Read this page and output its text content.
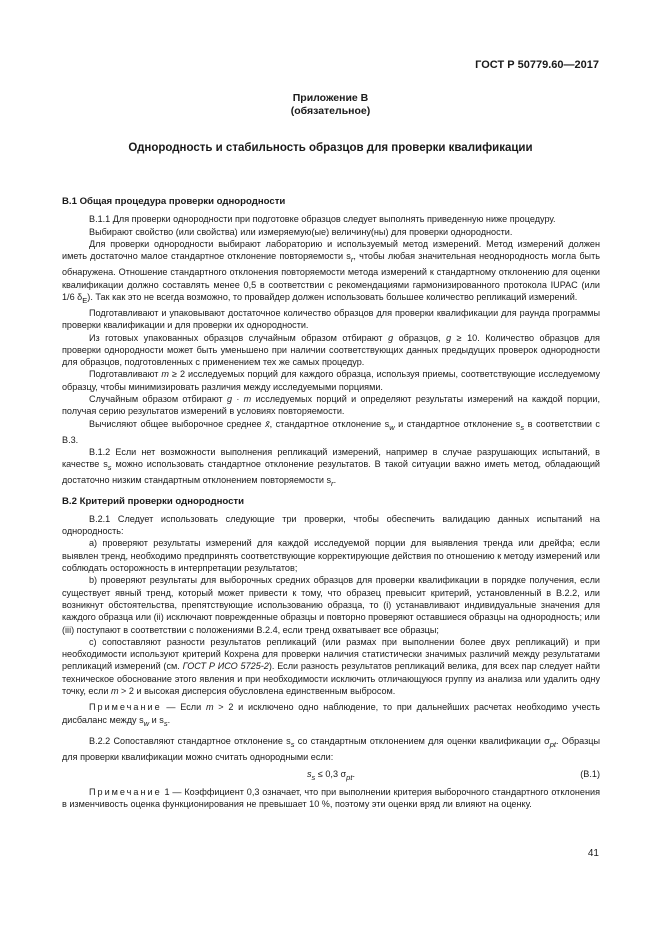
ГОСТ Р 50779.60—2017
Приложение В
(обязательное)
Однородность и стабильность образцов для проверки квалификации
В.1 Общая процедура проверки однородности

В.1.1 Для проверки однородности при подготовке образцов следует выполнять приведенную ниже процедуру.

Выбирают свойство (или свойства) или измеряемую(ые) величину(ны) для проверки однородности.

Для проверки однородности выбирают лабораторию и используемый метод измерений. Метод измерений должен иметь достаточно малое стандартное отклонение повторяемости $s_r$, чтобы любая значительная неоднородность могла быть обнаружена. Отношение стандартного отклонения повторяемости метода измерений к стандартному отклонению для оценки квалификации должно составлять менее 0,5 в соответствии с рекомендациями гармонизированного протокола IUPAC (или 1/6 $\delta_E$). Так как это не всегда возможно, то провайдер должен использовать большее количество репликаций измерений.

Подготавливают и упаковывают достаточное количество образцов для проверки квалификации для раунда программы проверки квалификации и для проверки их однородности.

Из готовых упакованных образцов случайным образом отбирают g образцов, g ≥ 10. Количество образцов для проверки однородности может быть уменьшено при наличии соответствующих данных предыдущих проверок однородности для образцов, подготовленных с применением тех же самых процедур.

Подготавливают m ≥ 2 исследуемых порций для каждого образца, используя приемы, соответствующие исследуемому образцу, чтобы минимизировать различия между исследуемыми порциями.

Случайным образом отбирают g · m исследуемых порций и определяют результаты измерений на каждой порции, получая серию результатов измерений в условиях повторяемости.

Вычисляют общее выборочное среднее x̄, стандартное отклонение $s_w$ и стандартное отклонение $s_s$ в соответствии с В.3.

В.1.2 Если нет возможности выполнения репликаций измерений, например в случае разрушающих испытаний, в качестве $s_s$ можно использовать стандартное отклонение результатов. В такой ситуации важно иметь метод, обладающий достаточно низким стандартным отклонением повторяемости $s_r$.

В.2 Критерий проверки однородности

В.2.1 Следует использовать следующие три проверки, чтобы обеспечить валидацию данных испытаний на однородность:

а) проверяют результаты измерений для каждой исследуемой порции для выявления тренда или дрейфа; если выявлен тренд, необходимо предпринять соответствующие корректирующие действия по отношению к методу измерений или соблюдать осторожность в интерпретации результатов;

b) проверяют результаты для выборочных средних образцов для проверки квалификации в порядке получения, если существует явный тренд, который может привести к тому, что образец превысит критерий, установленный в В.2.2, или возникнут обстоятельства, препятствующие использованию образца, то (i) устанавливают индивидуальные значения для каждого образца или (ii) исключают поврежденные образцы и повторно проверяют оставшиеся образцы на однородность; или (iii) поступают в соответствии с положениями В.2.4, если тренд охватывает все образцы;

с) сопоставляют разности результатов репликаций (или размах при выполнении более двух репликаций) и при необходимости используют критерий Кохрена для проверки наличия статистически значимых различий между результатами репликаций измерений (см. ГОСТ Р ИСО 5725-2). Если разность результатов репликаций велика, для всех пар следует найти техническое обоснование этого явления и при необходимости исключить отличающуюся группу из анализа или удалить одну точку, если m > 2 и высокая дисперсия обусловлена единственным выбросом.

Примечание — Если m > 2 и исключено одно наблюдение, то при дальнейших расчетах необходимо учесть дисбаланс между $s_w$ и $s_s$.

В.2.2 Сопоставляют стандартное отклонение $s_s$ со стандартным отклонением для оценки квалификации $\sigma_{pt}$. Образцы для проверки квалификации можно считать однородными если:

$s_s \le 0,3$ $\sigma_{pt}$.	(В.1)

Примечание 1 — Коэффициент 0,3 означает, что при выполнении критерия выборочного стандартного отклонения в изменчивость оценка функционирования не превышает 10 %, поэтому эти оценки вряд ли влияют на оценку.

41
